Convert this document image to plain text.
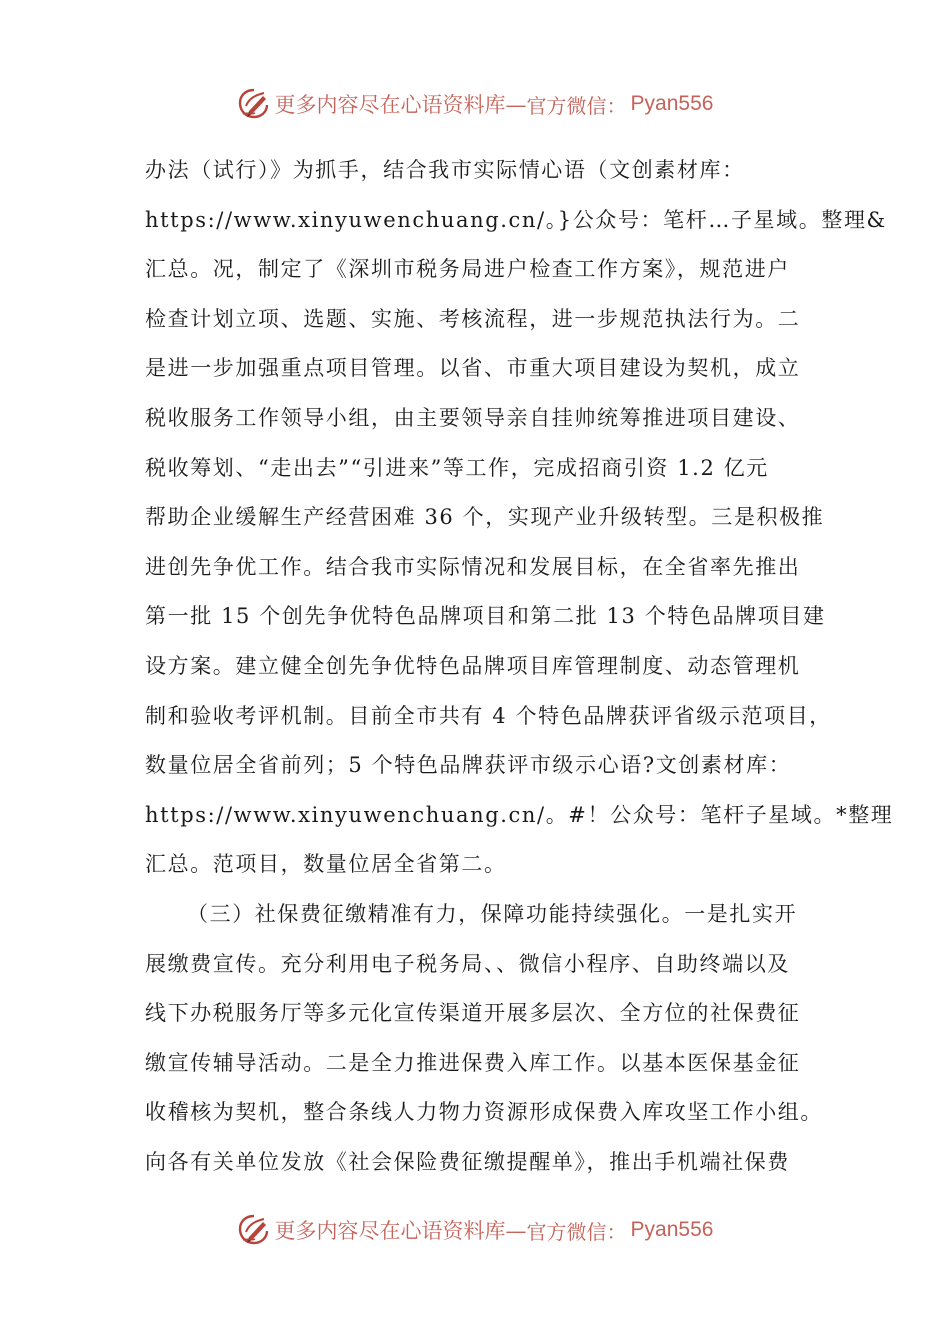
更多内容尽在心语资料库— 官方微信： Pyan556
办法（试行）》为抓手，结合我市实际情心语（文创素材库：
https://www.xinyuwenchuang.cn/。}公众号：笔杆…子星域。整理&
汇总。况，制定了《深圳市税务局进户检查工作方案》，规范进户
检查计划立项、选题、实施、考核流程，进一步规范执法行为。二
是进一步加强重点项目管理。以省、市重大项目建设为契机，成立
税收服务工作领导小组，由主要领导亲自挂帅统筹推进项目建设、
税收筹划、“走出去”“引进来”等工作，完成招商引资 1.2 亿元
帮助企业缓解生产经营困难 36 个，实现产业升级转型。三是积极推
进创先争优工作。结合我市实际情况和发展目标，在全省率先推出
第一批 15 个创先争优特色品牌项目和第二批 13 个特色品牌项目建
设方案。建立健全创先争优特色品牌项目库管理制度、动态管理机
制和验收考评机制。目前全市共有 4 个特色品牌获评省级示范项目，
数量位居全省前列；5 个特色品牌获评市级示心语?文创素材库：
https://www.xinyuwenchuang.cn/。#！公众号：笔杆子星域。*整理
汇总。范项目，数量位居全省第二。
（三）社保费征缴精准有力，保障功能持续强化。一是扎实开
展缴费宣传。充分利用电子税务局、、微信小程序、自助终端以及
线下办税服务厅等多元化宣传渠道开展多层次、全方位的社保费征
缴宣传辅导活动。二是全力推进保费入库工作。以基本医保基金征
收稽核为契机，整合条线人力物力资源形成保费入库攻坚工作小组。
向各有关单位发放《社会保险费征缴提醒单》，推出手机端社保费
更多内容尽在心语资料库— 官方微信： Pyan556
